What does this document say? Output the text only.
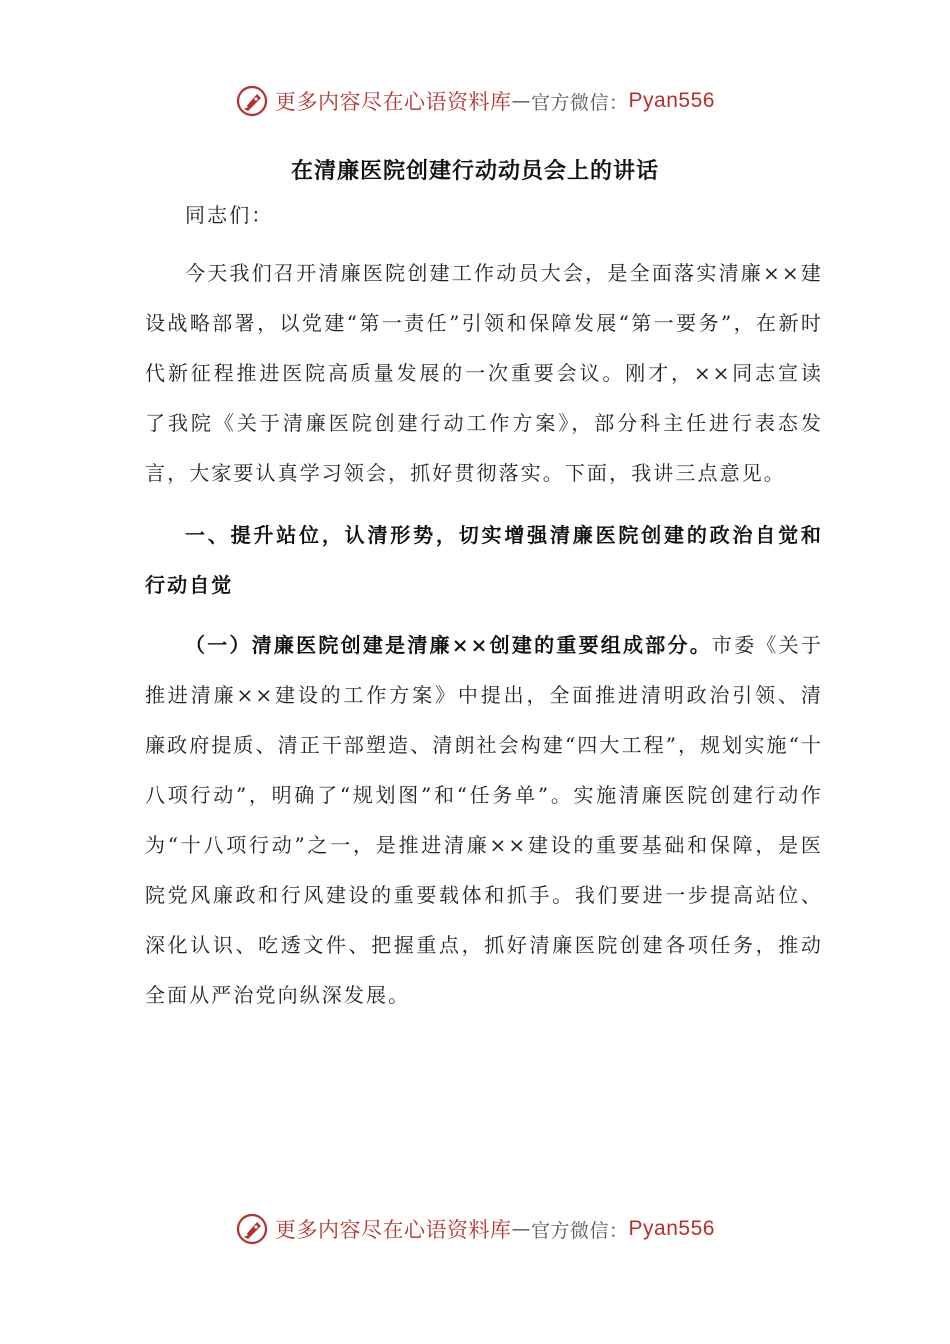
更多内容尽在心语资料库 — 官方微信： Pyan556
在清廉医院创建行动动员会上的讲话

同志们：

今天我们召开清廉医院创建工作动员大会，是全面落实清廉××建设战略部署，以党建“第一责任”引领和保障发展“第一要务”，在新时代新征程推进医院高质量发展的一次重要会议。刚才，××同志宣读了我院《关于清廉医院创建行动工作方案》，部分科主任进行表态发言，大家要认真学习领会，抓好贯彻落实。下面，我讲三点意见。

一、提升站位，认清形势，切实增强清廉医院创建的政治自觉和行动自觉

（一）清廉医院创建是清廉××创建的重要组成部分。市委《关于推进清廉××建设的工作方案》中提出，全面推进清明政治引领、清廉政府提质、清正干部塑造、清朗社会构建“四大工程”，规划实施“十八项行动”，明确了“规划图”和“任务单”。实施清廉医院创建行动作为“十八项行动”之一，是推进清廉××建设的重要基础和保障，是医院党风廉政和行风建设的重要载体和抓手。我们要进一步提高站位、深化认识、吃透文件、把握重点，抓好清廉医院创建各项任务，推动全面从严治党向纵深发展。

更多内容尽在心语资料库 — 官方微信： Pyan556
